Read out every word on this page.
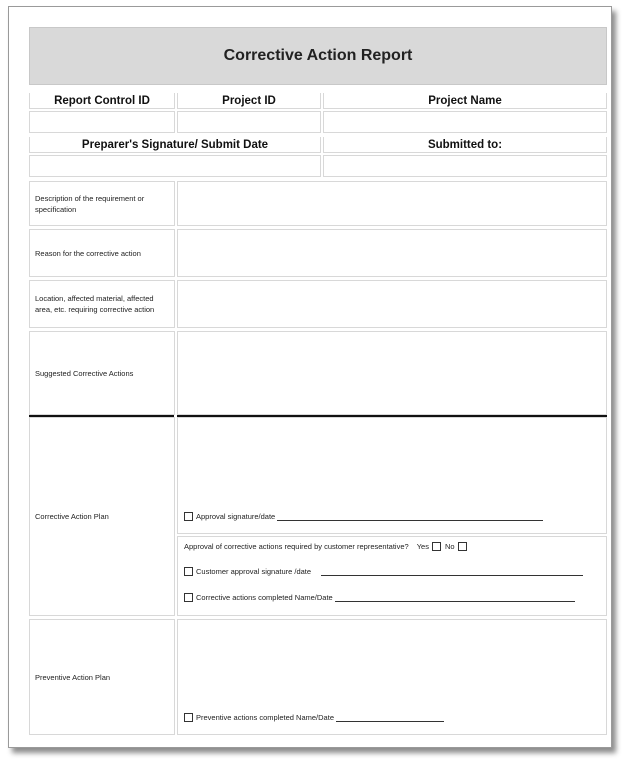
Corrective Action Report
Report Control ID	Project ID	Project Name
Preparer's Signature/ Submit Date	Submitted to:
Description of the requirement or specification
Reason for the corrective action
Location, affected material, affected area, etc. requiring corrective action
Suggested Corrective Actions
Corrective Action Plan	Approval signature/date
Approval of corrective actions required by customer representative? Yes No
Customer approval signature /date
Corrective actions completed Name/Date
Preventive Action Plan
Preventive actions completed Name/Date
